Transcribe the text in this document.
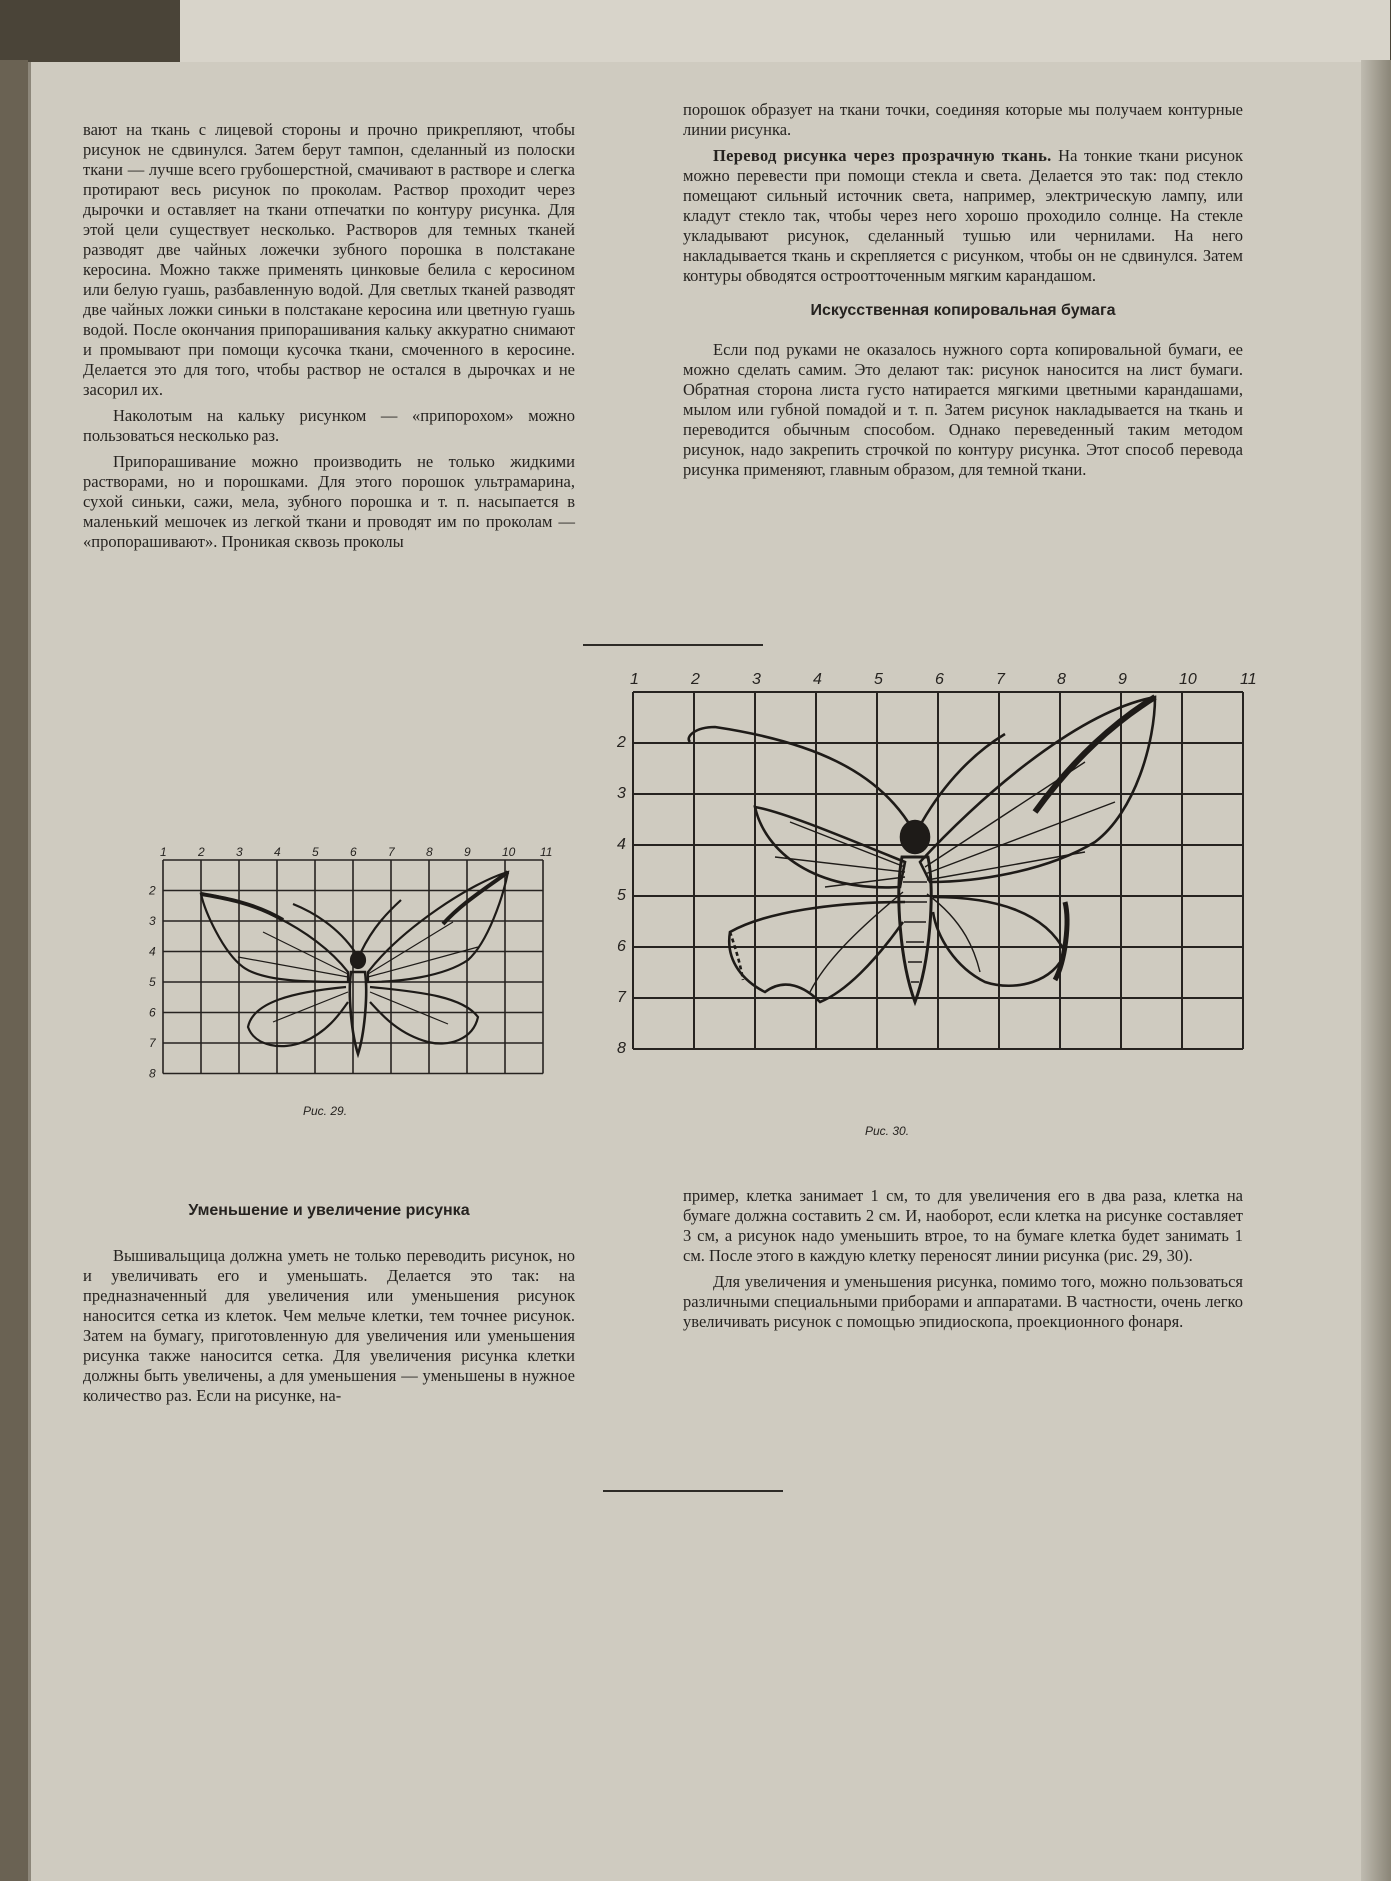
вают на ткань с лицевой стороны и прочно прикрепляют, чтобы рисунок не сдвинулся. Затем берут тампон, сделанный из полоски ткани — лучше всего грубошерстной, смачивают в растворе и слегка протирают весь рисунок по проколам. Раствор проходит через дырочки и оставляет на ткани отпечатки по контуру рисунка. Для этой цели существует несколько. Растворов для темных тканей разводят две чайных ложечки зубного порошка в полстакане керосина. Можно также применять цинковые белила с керосином или белую гуашь, разбавленную водой. Для светлых тканей разводят две чайных ложки синьки в полстакане керосина или цветную гуашь водой. После окончания припорашивания кальку аккуратно снимают и промывают при помощи кусочка ткани, смоченного в керосине. Делается это для того, чтобы раствор не остался в дырочках и не засорил их.

Наколотым на кальку рисунком — «припорохом» можно пользоваться несколько раз.

Припорашивание можно производить не только жидкими растворами, но и порошками. Для этого порошок ультрамарина, сухой синьки, сажи, мела, зубного порошка и т. п. насыпается в маленький мешочек из легкой ткани и проводят им по проколам — «пропорашивают». Проникая сквозь проколы

порошок образует на ткани точки, соединяя которые мы получаем контурные линии рисунка.

Перевод рисунка через прозрачную ткань. На тонкие ткани рисунок можно перевести при помощи стекла и света. Делается это так: под стекло помещают сильный источник света, например, электрическую лампу, или кладут стекло так, чтобы через него хорошо проходило солнце. На стекле укладывают рисунок, сделанный тушью или чернилами. На него накладывается ткань и скрепляется с рисунком, чтобы он не сдвинулся. Затем контуры обводятся остроотточенным мягким карандашом.

Искусственная копировальная бумага

Если под руками не оказалось нужного сорта копировальной бумаги, ее можно сделать самим. Это делают так: рисунок наносится на лист бумаги. Обратная сторона листа густо натирается мягкими цветными карандашами, мылом или губной помадой и т. п. Затем рисунок накладывается на ткань и переводится обычным способом. Однако переведенный таким методом рисунок, надо закрепить строчкой по контуру рисунка. Этот способ перевода рисунка применяют, главным образом, для темной ткани.

1	2	3	4	5	6	7	8	9	10 11
2
3
4
5
6
7
8
Рис. 29.
1	2	3	4	5	6	7	8	9	10	11
2
3
4
5
6
7
8
Рис. 30.
Уменьшение и увеличение рисунка

Вышивальщица должна уметь не только переводить рисунок, но и увеличивать его и уменьшать. Делается это так: на предназначенный для увеличения или уменьшения рисунок наносится сетка из клеток. Чем мельче клетки, тем точнее рисунок. Затем на бумагу, приготовленную для увеличения или уменьшения рисунка также наносится сетка. Для увеличения рисунка клетки должны быть увеличены, а для уменьшения — уменьшены в нужное количество раз. Если на рисунке, на-

пример, клетка занимает 1 см, то для увеличения его в два раза, клетка на бумаге должна составить 2 см. И, наоборот, если клетка на рисунке составляет 3 см, а рисунок надо уменьшить втрое, то на бумаге клетка будет занимать 1 см. После этого в каждую клетку переносят линии рисунка (рис. 29, 30).

Для увеличения и уменьшения рисунка, помимо того, можно пользоваться различными специальными приборами и аппаратами. В частности, очень легко увеличивать рисунок с помощью эпидиоскопа, проекционного фонаря.
